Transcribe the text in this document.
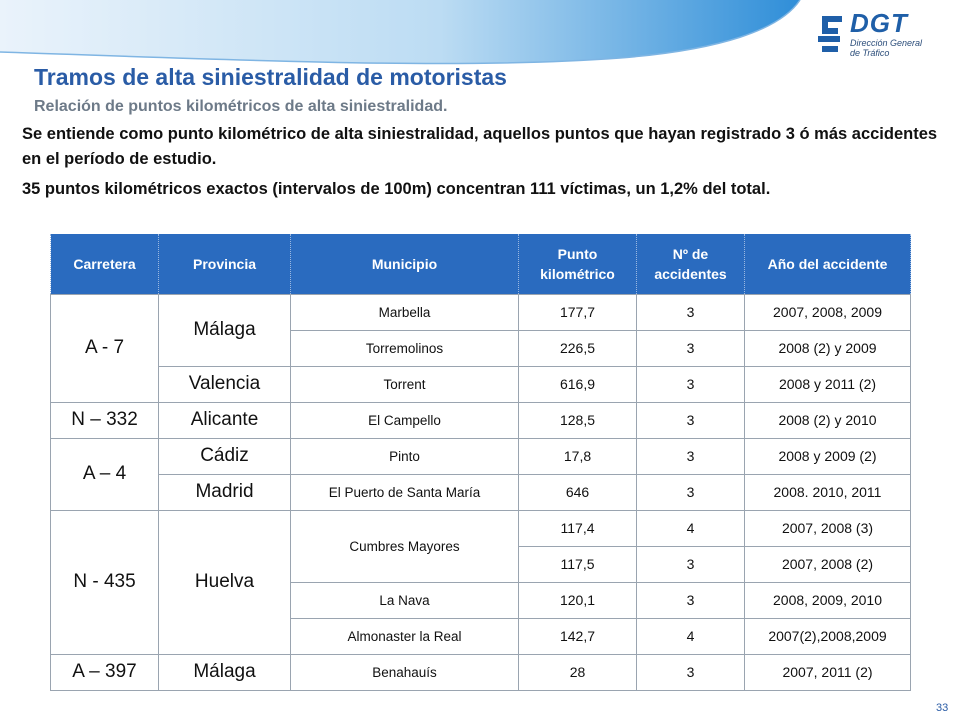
DGT
Dirección General
de Tráfico
Tramos de alta siniestralidad de motoristas
Relación de puntos kilométricos de alta siniestralidad.
Se entiende como punto kilométrico de alta siniestralidad, aquellos puntos que hayan registrado 3 ó más accidentes en el período de estudio.
35 puntos kilométricos exactos (intervalos de 100m) concentran 111 víctimas, un 1,2% del total.
Carretera	Provincia	Municipio	Punto kilométrico	Nº de accidentes	Año del accidente
A - 7	Málaga	Marbella	177,7	3	2007, 2008, 2009
		Torremolinos	226,5	3	2008 (2) y 2009
	Valencia	Torrent	616,9	3	2008 y 2011 (2)
N – 332	Alicante	El Campello	128,5	3	2008 (2) y 2010
A – 4	Cádiz	Pinto	17,8	3	2008 y 2009 (2)
	Madrid	El Puerto de Santa María	646	3	2008. 2010, 2011
N - 435	Huelva	Cumbres Mayores	117,4	4	2007, 2008 (3)
			117,5	3	2007, 2008 (2)
		La Nava	120,1	3	2008, 2009, 2010
		Almonaster la Real	142,7	4	2007(2),2008,2009
A – 397	Málaga	Benahauís	28	3	2007, 2011 (2)
33
